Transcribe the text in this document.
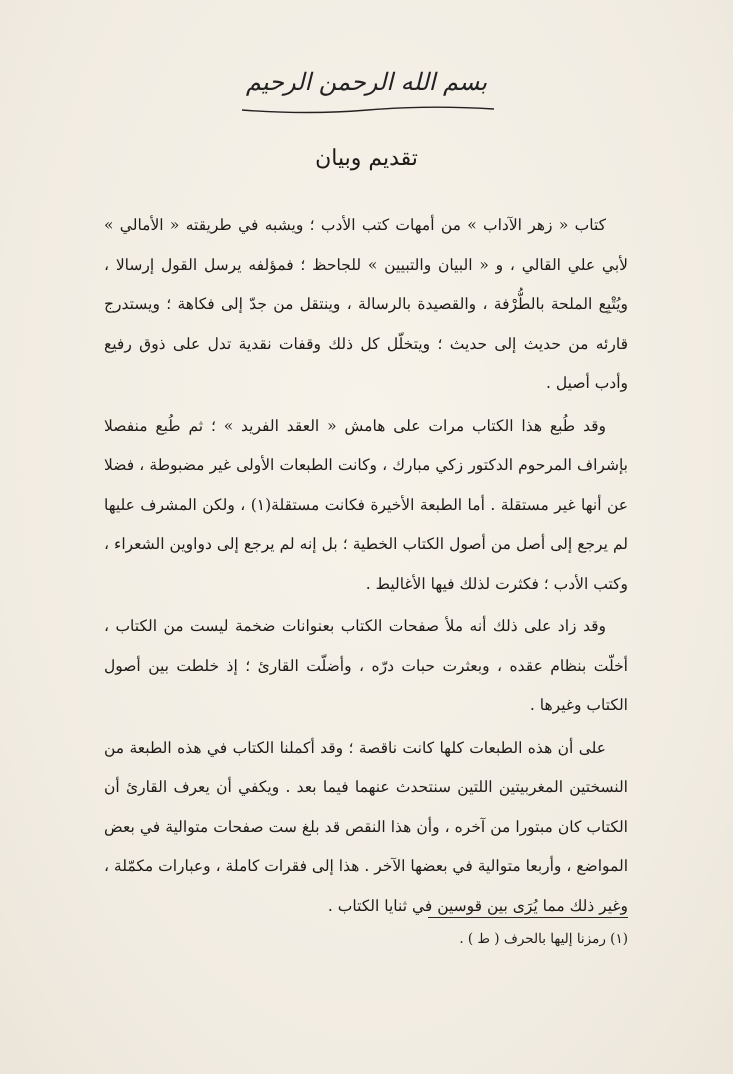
بسم الله الرحمن الرحيم
تقديم وبيان

كتاب « زهر الآداب » من أمهات كتب الأدب ؛ ويشبه في طريقته « الأمالي » لأبي علي القالي ، و « البيان والتبيين » للجاحظ ؛ فمؤلفه يرسل القول إرسالا ، ويُتْبِع الملحة بالطُّرْفة ، والقصيدة بالرسالة ، وينتقل من جدّ إلى فكاهة ؛ ويستدرج قارئه من حديث إلى حديث ؛ ويتخلّل كل ذلك وقفات نقدية تدل على ذوق رفيع وأدب أصيل .

وقد طُبع هذا الكتاب مرات على هامش « العقد الفريد » ؛ ثم طُبع منفصلا بإشراف المرحوم الدكتور زكي مبارك ، وكانت الطبعات الأولى غير مضبوطة ، فضلا عن أنها غير مستقلة . أما الطبعة الأخيرة فكانت مستقلة(١) ، ولكن المشرف عليها لم يرجع إلى أصل من أصول الكتاب الخطية ؛ بل إنه لم يرجع إلى دواوين الشعراء ، وكتب الأدب ؛ فكثرت لذلك فيها الأغاليط .

وقد زاد على ذلك أنه ملأ صفحات الكتاب بعنوانات ضخمة ليست من الكتاب ، أخلّت بنظام عقده ، وبعثرت حبات درّه ، وأضلّت القارئ ؛ إذ خلطت بين أصول الكتاب وغيرها .

على أن هذه الطبعات كلها كانت ناقصة ؛ وقد أكملنا الكتاب في هذه الطبعة من النسختين المغربيتين اللتين سنتحدث عنهما فيما بعد . ويكفي أن يعرف القارئ أن الكتاب كان مبتورا من آخره ، وأن هذا النقص قد بلغ ست صفحات متوالية في بعض المواضع ، وأربعا متوالية في بعضها الآخر . هذا إلى فقرات كاملة ، وعبارات مكمّلة ، وغير ذلك مما يُرَى بين قوسين في ثنايا الكتاب .

(١) رمزنا إليها بالحرف ( ط ) .
